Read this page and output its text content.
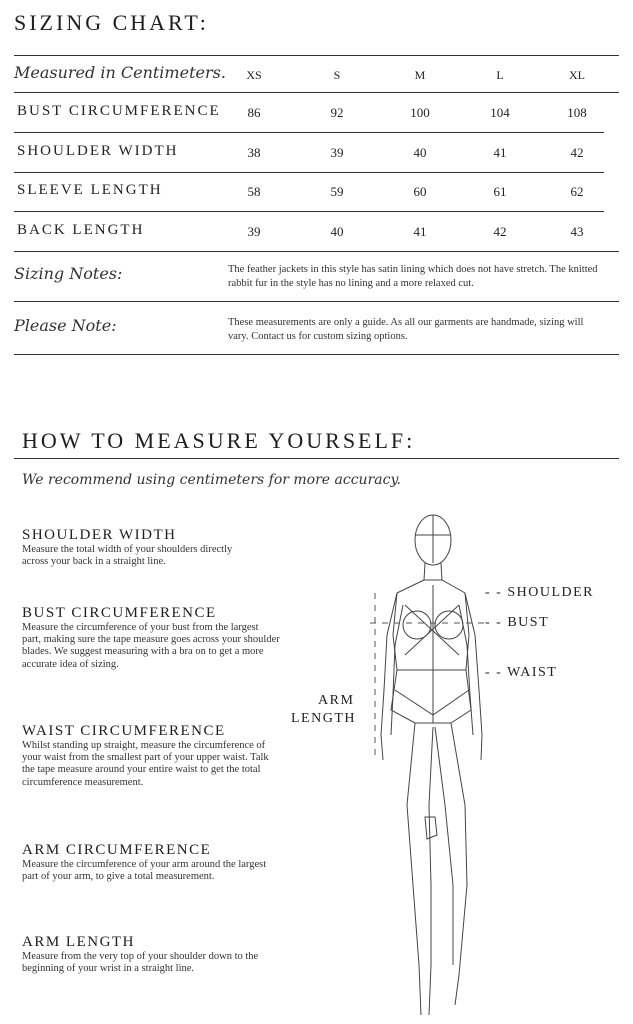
SIZING CHART:
Measured in Centimeters.	XS	S	M	L	XL
BUST CIRCUMFERENCE	86	92	100	104	108
SHOULDER WIDTH	38	39	40	41	42
SLEEVE LENGTH	58	59	60	61	62
BACK LENGTH	39	40	41	42	43
Sizing Notes:	The feather jackets in this style has satin lining which does not have stretch. The knitted rabbit fur in the style has no lining and a more relaxed cut.
Please Note:	These measurements are only a guide. As all our garments are handmade, sizing will vary. Contact us for custom sizing options.
HOW TO MEASURE YOURSELF:
We recommend using centimeters for more accuracy.
SHOULDER WIDTH
Measure the total width of your shoulders directly across your back in a straight line.
BUST CIRCUMFERENCE
Measure the circumference of your bust from the largest part, making sure the tape measure goes across your shoulder blades. We suggest measuring with a bra on to get a more accurate idea of sizing.
WAIST CIRCUMFERENCE
Whilst standing up straight, measure the circumference of your waist from the smallest part of your upper waist. Talk the tape measure around your entire waist to get the total circumference measurement.
ARM CIRCUMFERENCE
Measure the circumference of your arm around the largest part of your arm, to give a total measurement.
ARM LENGTH
Measure from the very top of your shoulder down to the beginning of your wrist in a straight line.
- - SHOULDER
- - BUST
- - WAIST
ARM
LENGTH
